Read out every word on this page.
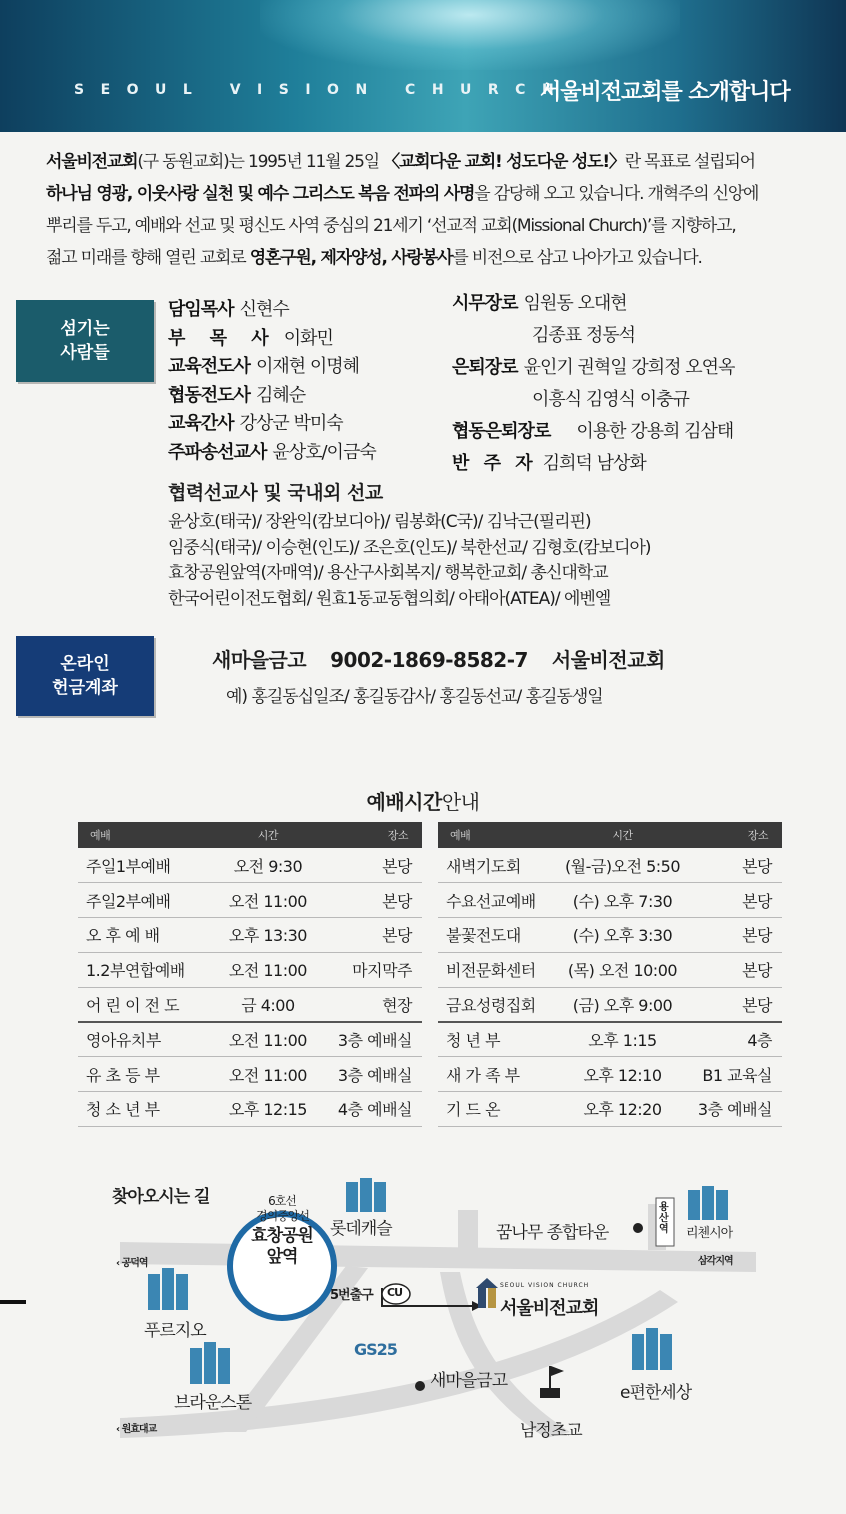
SEOUL VISION CHURCH
서울비전교회를 소개합니다
서울비전교회(구 동원교회)는 1995년 11월 25일 〈교회다운 교회! 성도다운 성도!〉란 목표로 설립되어
하나님 영광, 이웃사랑 실천 및 예수 그리스도 복음 전파의 사명을 감당해 오고 있습니다. 개혁주의 신앙에
뿌리를 두고, 예배와 선교 및 평신도 사역 중심의 21세기 ‘선교적 교회(Missional Church)’를 지향하고,
젊고 미래를 향해 열린 교회로 영혼구원, 제자양성, 사랑봉사를 비전으로 삼고 나아가고 있습니다.
섬기는
사람들
담임목사 신현수
부 목 사 이화민
교육전도사 이재현 이명혜
협동전도사 김혜순
교육간사 강상군 박미숙
주파송선교사 윤상호/이금숙
시무장로 임원동 오대현
김종표 정동석
은퇴장로 윤인기 권혁일 강희정 오연옥
이흥식 김영식 이충규
협동은퇴장로 이용한 강용희 김삼태
반 주 자 김희덕 남상화
협력선교사 및 국내외 선교
윤상호(태국)/ 장완익(캄보디아)/ 림봉화(C국)/ 김낙근(필리핀)
임중식(태국)/ 이승현(인도)/ 조은호(인도)/ 북한선교/ 김형호(캄보디아)
효창공원앞역(자매역)/ 용산구사회복지/ 행복한교회/ 총신대학교
한국어린이전도협회/ 원효1동교동협의회/ 아태아(ATEA)/ 에벤엘
온라인
헌금계좌
새마을금고 9002-1869-8582-7 서울비전교회
예) 홍길동십일조/ 홍길동감사/ 홍길동선교/ 홍길동생일
예배시간안내
예배	시간	장소
주일1부예배	오전 9:30	본당
주일2부예배	오전 11:00	본당
오 후 예 배	오후 13:30	본당
1.2부연합예배	오전 11:00	마지막주
어 린 이 전 도	금 4:00	현장
영아유치부	오전 11:00	3층 예배실
유 초 등 부	오전 11:00	3층 예배실
청 소 년 부	오후 12:15	4층 예배실
예배	시간	장소
새벽기도회	(월-금)오전 5:50	본당
수요선교예배	(수) 오후 7:30	본당
불꽃전도대	(수) 오후 3:30	본당
비전문화센터	(목) 오전 10:00	본당
금요성령집회	(금) 오후 9:00	본당
청 년 부	오후 1:15	4층
새 가 족 부	오후 12:10	B1 교육실
기 드 온	오후 12:20	3층 예배실
찾아오시는 길	6호선
경의중앙선
효창공원
앞역
5번출구 CU
SEOUL VISION CHURCH
서울비전교회
롯데캐슬	꿈나무 종합타운
용산역 리첸시아
삼각지역
‹ 공덕역
푸르지오
브라운스톤
GS25
새마을금고
e편한세상
남정초교
‹ 원효대교
